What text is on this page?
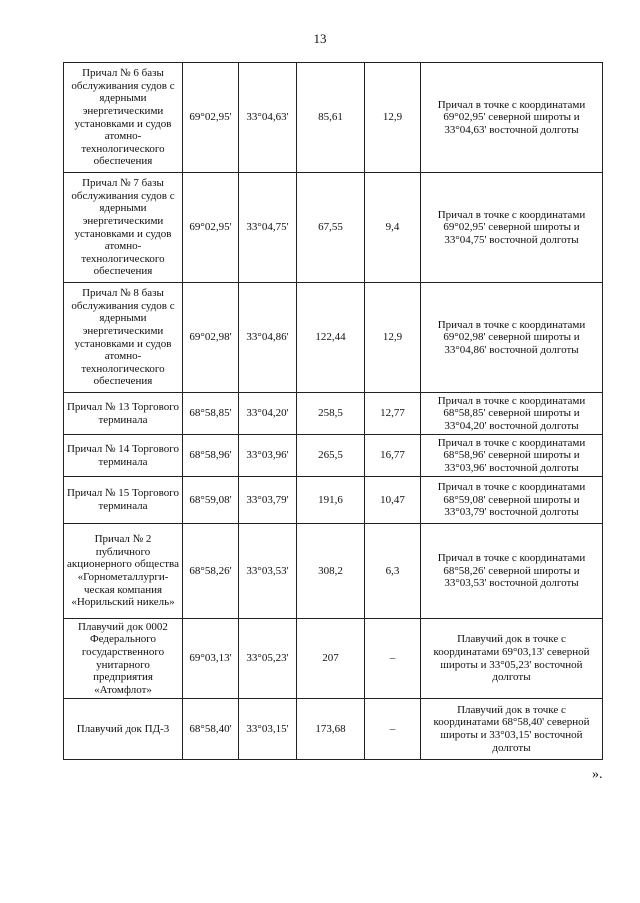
13
Причал № 6 базы обслуживания судов с ядерными энергетическими установками и судов атомно-технологического обеспечения	69°02,95'	33°04,63'	85,61	12,9	Причал в точке с координатами 69°02,95' северной широты и 33°04,63' восточной долготы
Причал № 7 базы обслуживания судов с ядерными энергетическими установками и судов атомно-технологического обеспечения	69°02,95'	33°04,75'	67,55	9,4	Причал в точке с координатами 69°02,95' северной широты и 33°04,75' восточной долготы
Причал № 8 базы обслуживания судов с ядерными энергетическими установками и судов атомно-технологического обеспечения	69°02,98'	33°04,86'	122,44	12,9	Причал в точке с координатами 69°02,98' северной широты и 33°04,86' восточной долготы
Причал № 13 Торгового терминала	68°58,85'	33°04,20'	258,5	12,77	Причал в точке с координатами 68°58,85' северной широты и 33°04,20' восточной долготы
Причал № 14 Торгового терминала	68°58,96'	33°03,96'	265,5	16,77	Причал в точке с координатами 68°58,96' северной широты и 33°03,96' восточной долготы
Причал № 15 Торгового терминала	68°59,08'	33°03,79'	191,6	10,47	Причал в точке с координатами 68°59,08' северной широты и 33°03,79' восточной долготы
Причал № 2 публичного акционерного общества «Горнометаллурги-ческая компания «Норильский никель»	68°58,26'	33°03,53'	308,2	6,3	Причал в точке с координатами 68°58,26' северной широты и 33°03,53' восточной долготы
Плавучий док 0002 Федерального государственного унитарного предприятия «Атомфлот»	69°03,13'	33°05,23'	207	–	Плавучий док в точке с координатами 69°03,13' северной широты и 33°05,23' восточной долготы
Плавучий док ПД-3	68°58,40'	33°03,15'	173,68	–	Плавучий док в точке с координатами 68°58,40' северной широты и 33°03,15' восточной долготы
».
